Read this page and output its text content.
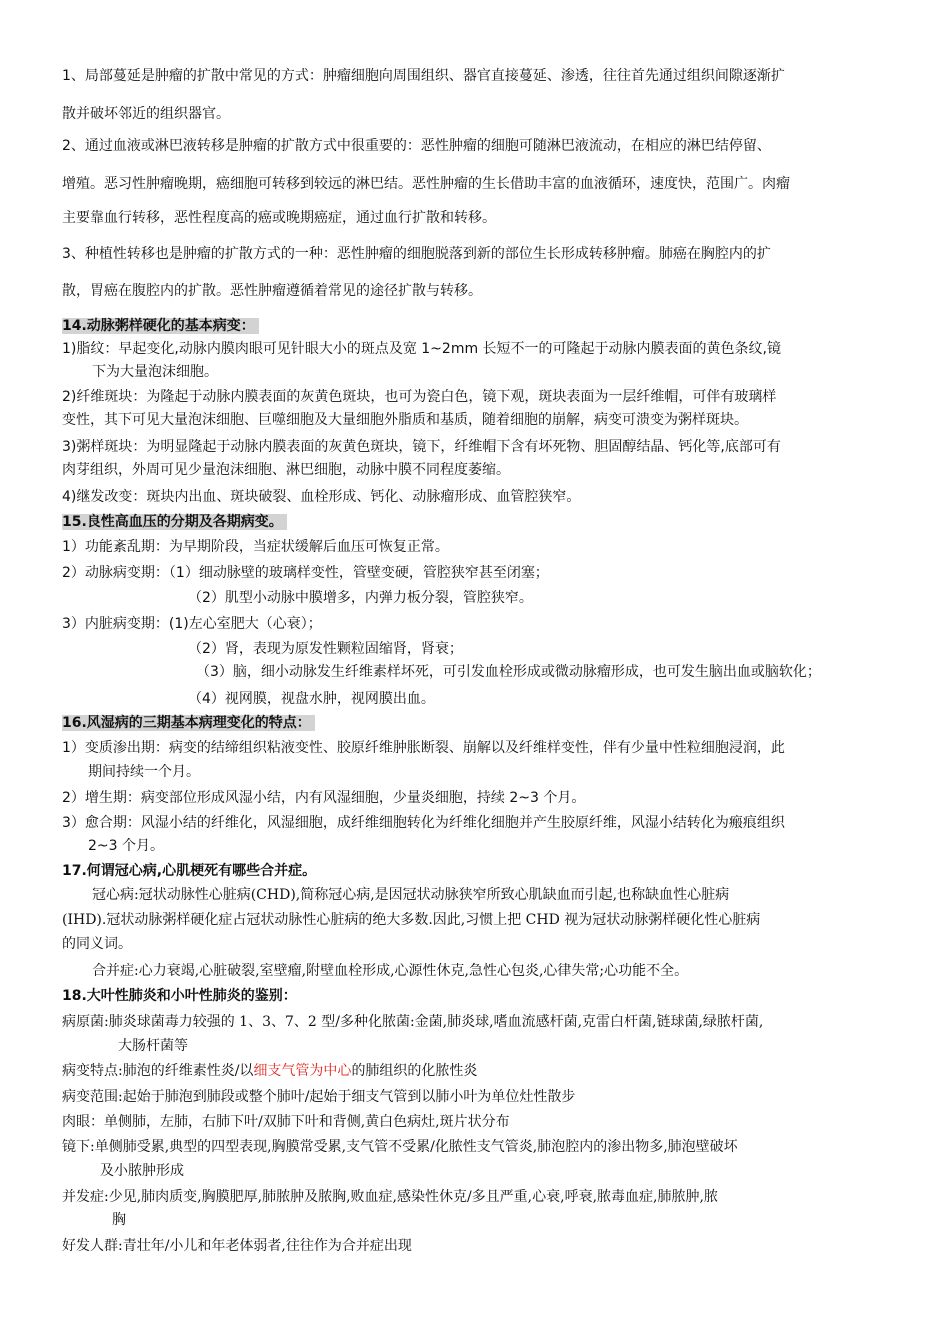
1、局部蔓延是肿瘤的扩散中常见的方式：肿瘤细胞向周围组织、器官直接蔓延、渗透，往往首先通过组织间隙逐渐扩
散并破坏邻近的组织器官。
2、通过血液或淋巴液转移是肿瘤的扩散方式中很重要的：恶性肿瘤的细胞可随淋巴液流动，在相应的淋巴结停留、
增殖。恶习性肿瘤晚期，癌细胞可转移到较远的淋巴结。恶性肿瘤的生长借助丰富的血液循环，速度快，范围广。肉瘤
主要靠血行转移，恶性程度高的癌或晚期癌症，通过血行扩散和转移。
3、种植性转移也是肿瘤的扩散方式的一种：恶性肿瘤的细胞脱落到新的部位生长形成转移肿瘤。肺癌在胸腔内的扩
散，胃癌在腹腔内的扩散。恶性肿瘤遵循着常见的途径扩散与转移。
14.动脉粥样硬化的基本病变：
1)脂纹：早起变化,动脉内膜肉眼可见针眼大小的斑点及宽 1~2mm 长短不一的可隆起于动脉内膜表面的黄色条纹,镜
下为大量泡沫细胞。
2)纤维斑块：为隆起于动脉内膜表面的灰黄色斑块，也可为瓷白色，镜下观，斑块表面为一层纤维帽，可伴有玻璃样
变性，其下可见大量泡沫细胞、巨噬细胞及大量细胞外脂质和基质，随着细胞的崩解，病变可溃变为粥样斑块。
3)粥样斑块：为明显隆起于动脉内膜表面的灰黄色斑块，镜下，纤维帽下含有坏死物、胆固醇结晶、钙化等,底部可有
肉芽组织，外周可见少量泡沫细胞、淋巴细胞，动脉中膜不同程度萎缩。
4)继发改变：斑块内出血、斑块破裂、血栓形成、钙化、动脉瘤形成、血管腔狭窄。
15.良性高血压的分期及各期病变。
1）功能紊乱期：为早期阶段，当症状缓解后血压可恢复正常。
2）动脉病变期：（1）细动脉壁的玻璃样变性，管壁变硬，管腔狭窄甚至闭塞；
（2）肌型小动脉中膜增多，内弹力板分裂，管腔狭窄。
3）内脏病变期：(1)左心室肥大（心衰）；
（2）肾，表现为原发性颗粒固缩肾，肾衰；
（3）脑，细小动脉发生纤维素样坏死，可引发血栓形成或微动脉瘤形成，也可发生脑出血或脑软化；
（4）视网膜，视盘水肿，视网膜出血。
16.风湿病的三期基本病理变化的特点：
1）变质渗出期：病变的结缔组织粘液变性、胶原纤维肿胀断裂、崩解以及纤维样变性，伴有少量中性粒细胞浸润，此
期间持续一个月。
2）增生期：病变部位形成风湿小结，内有风湿细胞，少量炎细胞，持续 2~3 个月。
3）愈合期：风湿小结的纤维化，风湿细胞，成纤维细胞转化为纤维化细胞并产生胶原纤维，风湿小结转化为瘢痕组织
2~3 个月。
17.何谓冠心病,心肌梗死有哪些合并症。
冠心病:冠状动脉性心脏病(CHD),简称冠心病,是因冠状动脉狭窄所致心肌缺血而引起,也称缺血性心脏病
(IHD).冠状动脉粥样硬化症占冠状动脉性心脏病的绝大多数.因此,习惯上把 CHD 视为冠状动脉粥样硬化性心脏病
的同义词。
合并症:心力衰竭,心脏破裂,室壁瘤,附壁血栓形成,心源性休克,急性心包炎,心律失常;心功能不全。
18.大叶性肺炎和小叶性肺炎的鉴别：
病原菌:肺炎球菌毒力较强的 1、3、7、2 型/多种化脓菌:金菌,肺炎球,嗜血流感杆菌,克雷白杆菌,链球菌,绿脓杆菌,
大肠杆菌等
病变特点:肺泡的纤维素性炎/以细支气管为中心的肺组织的化脓性炎
病变范围:起始于肺泡到肺段或整个肺叶/起始于细支气管到以肺小叶为单位灶性散步
肉眼：单侧肺，左肺，右肺下叶/双肺下叶和背侧,黄白色病灶,斑片状分布
镜下:单侧肺受累,典型的四型表现,胸膜常受累,支气管不受累/化脓性支气管炎,肺泡腔内的渗出物多,肺泡壁破坏
及小脓肿形成
并发症:少见,肺肉质变,胸膜肥厚,肺脓肿及脓胸,败血症,感染性休克/多且严重,心衰,呼衰,脓毒血症,肺脓肿,脓
胸
好发人群:青壮年/小儿和年老体弱者,往往作为合并症出现
